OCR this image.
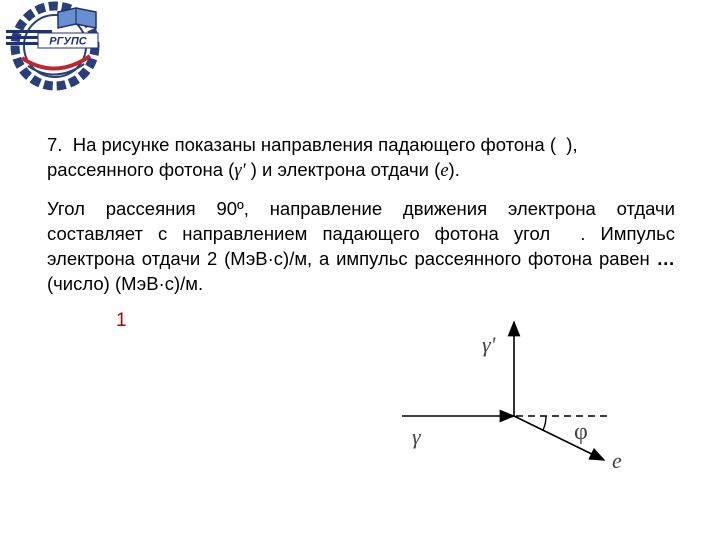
РГУПС
7. На рисунке показаны направления падающего фотона ( ),
рассеянного фотона (γ' ) и электрона отдачи (e).
Угол рассеяния 90º, направление движения электрона отдачи составляет с направлением падающего фотона угол . Импульс электрона отдачи 2 (МэВ·с)/м, а импульс рассеянного фотона равен … (число) (МэВ·с)/м.
1
γ'
γ	φ
e
